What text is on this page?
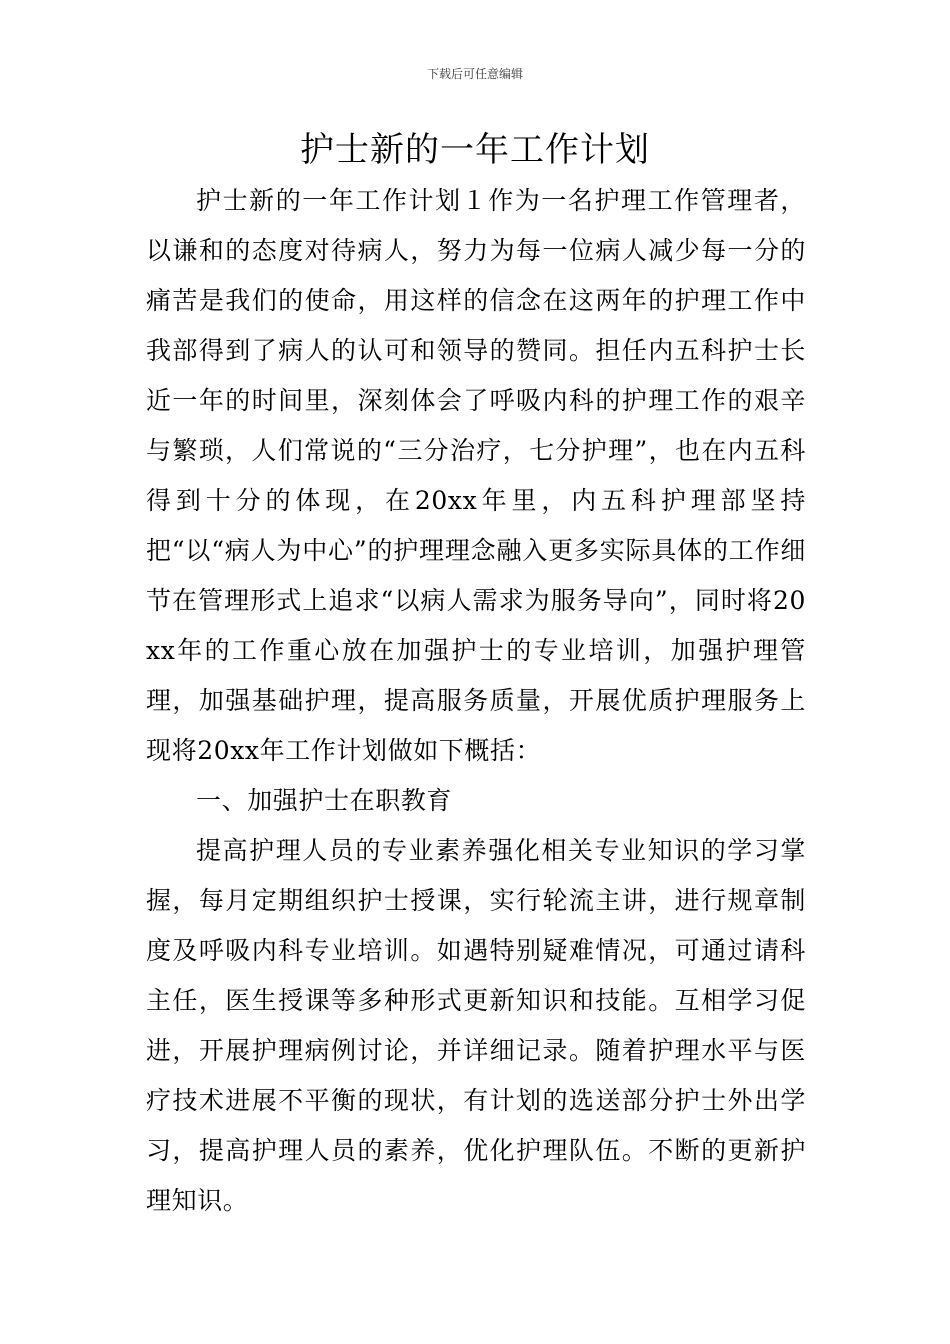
下载后可任意编辑
护士新的一年工作计划

护士新的一年工作计划１作为一名护理工作管理者，以谦和的态度对待病人，努力为每一位病人减少每一分的痛苦是我们的使命，用这样的信念在这两年的护理工作中我部得到了病人的认可和领导的赞同。担任内五科护士长近一年的时间里，深刻体会了呼吸内科的护理工作的艰辛与繁琐，人们常说的“三分治疗，七分护理”，也在内五科得到十分的体现，在20xx年里，内五科护理部坚持把“以“病人为中心”的护理理念融入更多实际具体的工作细节在管理形式上追求“以病人需求为服务导向”，同时将20xx年的工作重心放在加强护士的专业培训，加强护理管理，加强基础护理，提高服务质量，开展优质护理服务上现将20xx年工作计划做如下概括：

一、加强护士在职教育

提高护理人员的专业素养强化相关专业知识的学习掌握，每月定期组织护士授课，实行轮流主讲，进行规章制度及呼吸内科专业培训。如遇特别疑难情况，可通过请科主任，医生授课等多种形式更新知识和技能。互相学习促进，开展护理病例讨论，并详细记录。随着护理水平与医疗技术进展不平衡的现状，有计划的选送部分护士外出学习，提高护理人员的素养，优化护理队伍。不断的更新护理知识。
